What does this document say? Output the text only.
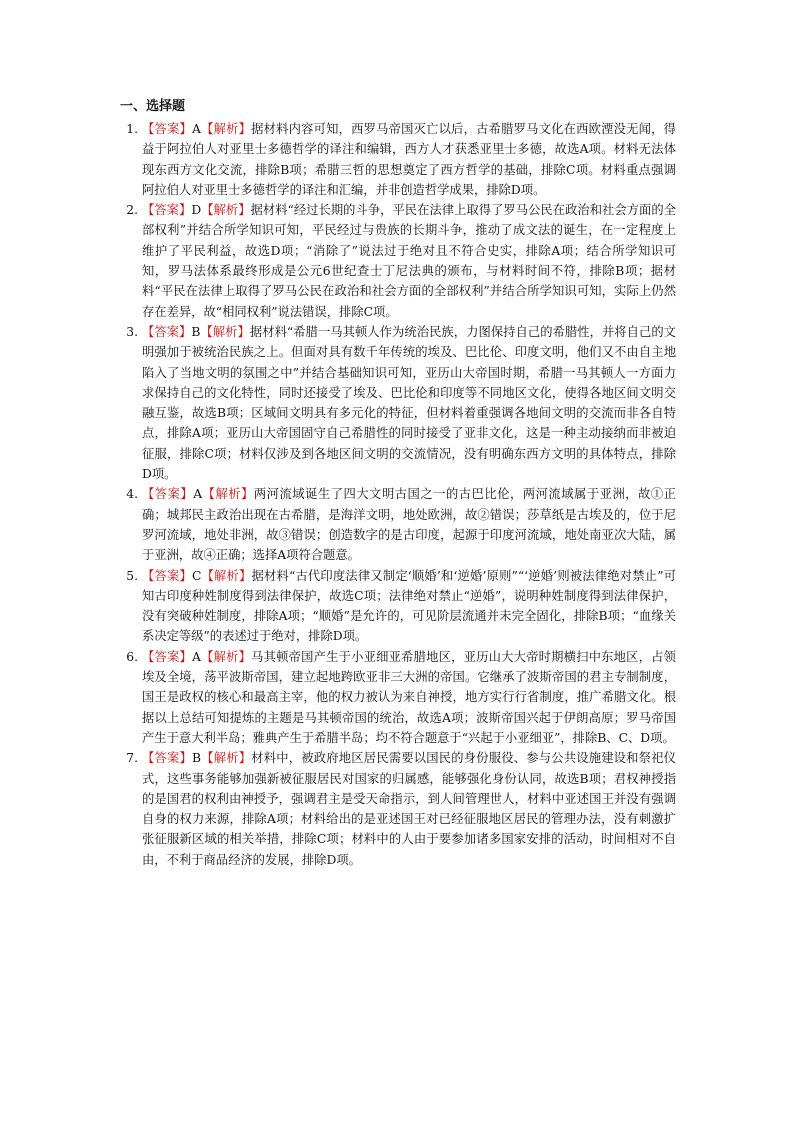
一、选择题
1. 【答案】A【解析】据材料内容可知，西罗马帝国灭亡以后，古希腊罗马文化在西欧湮没无闻，得益于阿拉伯人对亚里士多德哲学的译注和编辑，西方人才获悉亚里士多德，故选A项。材料无法体现东西方文化交流，排除B项；希腊三哲的思想奠定了西方哲学的基础，排除C项。材料重点强调阿拉伯人对亚里士多德哲学的译注和汇编，并非创造哲学成果，排除D项。
2. 【答案】D【解析】据材料“经过长期的斗争，平民在法律上取得了罗马公民在政治和社会方面的全部权利”并结合所学知识可知，平民经过与贵族的长期斗争，推动了成文法的诞生，在一定程度上维护了平民利益，故选D项；“消除了”说法过于绝对且不符合史实，排除A项；结合所学知识可知，罗马法体系最终形成是公元6世纪查士丁尼法典的颁布，与材料时间不符，排除B项；据材料“平民在法律上取得了罗马公民在政治和社会方面的全部权利”并结合所学知识可知，实际上仍然存在差异，故“相同权利”说法错误，排除C项。
3. 【答案】B【解析】据材料“希腊一马其顿人作为统治民族，力图保持自己的希腊性，并将自己的文明强加于被统治民族之上。但面对具有数千年传统的埃及、巴比伦、印度文明，他们又不由自主地陷入了当地文明的氛围之中”并结合基础知识可知，亚历山大帝国时期，希腊一马其顿人一方面力求保持自己的文化特性，同时还接受了埃及、巴比伦和印度等不同地区文化，使得各地区间文明交融互鉴，故选B项；区域间文明具有多元化的特征，但材料着重强调各地间文明的交流而非各自特点，排除A项；亚历山大帝国固守自己希腊性的同时接受了亚非文化，这是一种主动接纳而非被迫征服，排除C项；材料仅涉及到各地区间文明的交流情况，没有明确东西方文明的具体特点，排除D项。
4. 【答案】A【解析】两河流域诞生了四大文明古国之一的古巴比伦，两河流域属于亚洲，故①正确；城邦民主政治出现在古希腊，是海洋文明，地处欧洲，故②错误；莎草纸是古埃及的，位于尼罗河流域，地处非洲，故③错误；创造数字的是古印度，起源于印度河流域，地处南亚次大陆，属于亚洲，故④正确；选择A项符合题意。
5. 【答案】C【解析】据材料“古代印度法律又制定‘顺婚’和‘逆婚’原则”“‘逆婚’则被法律绝对禁止”可知古印度种姓制度得到法律保护，故选C项；法律绝对禁止“逆婚”，说明种姓制度得到法律保护，没有突破种姓制度，排除A项；“顺婚”是允许的，可见阶层流通并未完全固化，排除B项；“血缘关系决定等级”的表述过于绝对，排除D项。
6. 【答案】A【解析】马其顿帝国产生于小亚细亚希腊地区，亚历山大大帝时期横扫中东地区，占领埃及全境，荡平波斯帝国，建立起地跨欧亚非三大洲的帝国。它继承了波斯帝国的君主专制制度，国王是政权的核心和最高主宰，他的权力被认为来自神授，地方实行行省制度，推广希腊文化。根据以上总结可知提炼的主题是马其顿帝国的统治，故选A项；波斯帝国兴起于伊朗高原；罗马帝国产生于意大利半岛；雅典产生于希腊半岛；均不符合题意于“兴起于小亚细亚”，排除B、C、D项。
7. 【答案】B【解析】材料中，被政府地区居民需要以国民的身份服役、参与公共设施建设和祭祀仪式，这些事务能够加强新被征服居民对国家的归属感，能够强化身份认同，故选B项；君权神授指的是国君的权利由神授予，强调君主是受天命指示，到人间管理世人，材料中亚述国王并没有强调自身的权力来源，排除A项；材料给出的是亚述国王对已经征服地区居民的管理办法，没有刺激扩张征服新区域的相关举措，排除C项；材料中的人由于要参加诸多国家安排的活动，时间相对不自由，不利于商品经济的发展，排除D项。
